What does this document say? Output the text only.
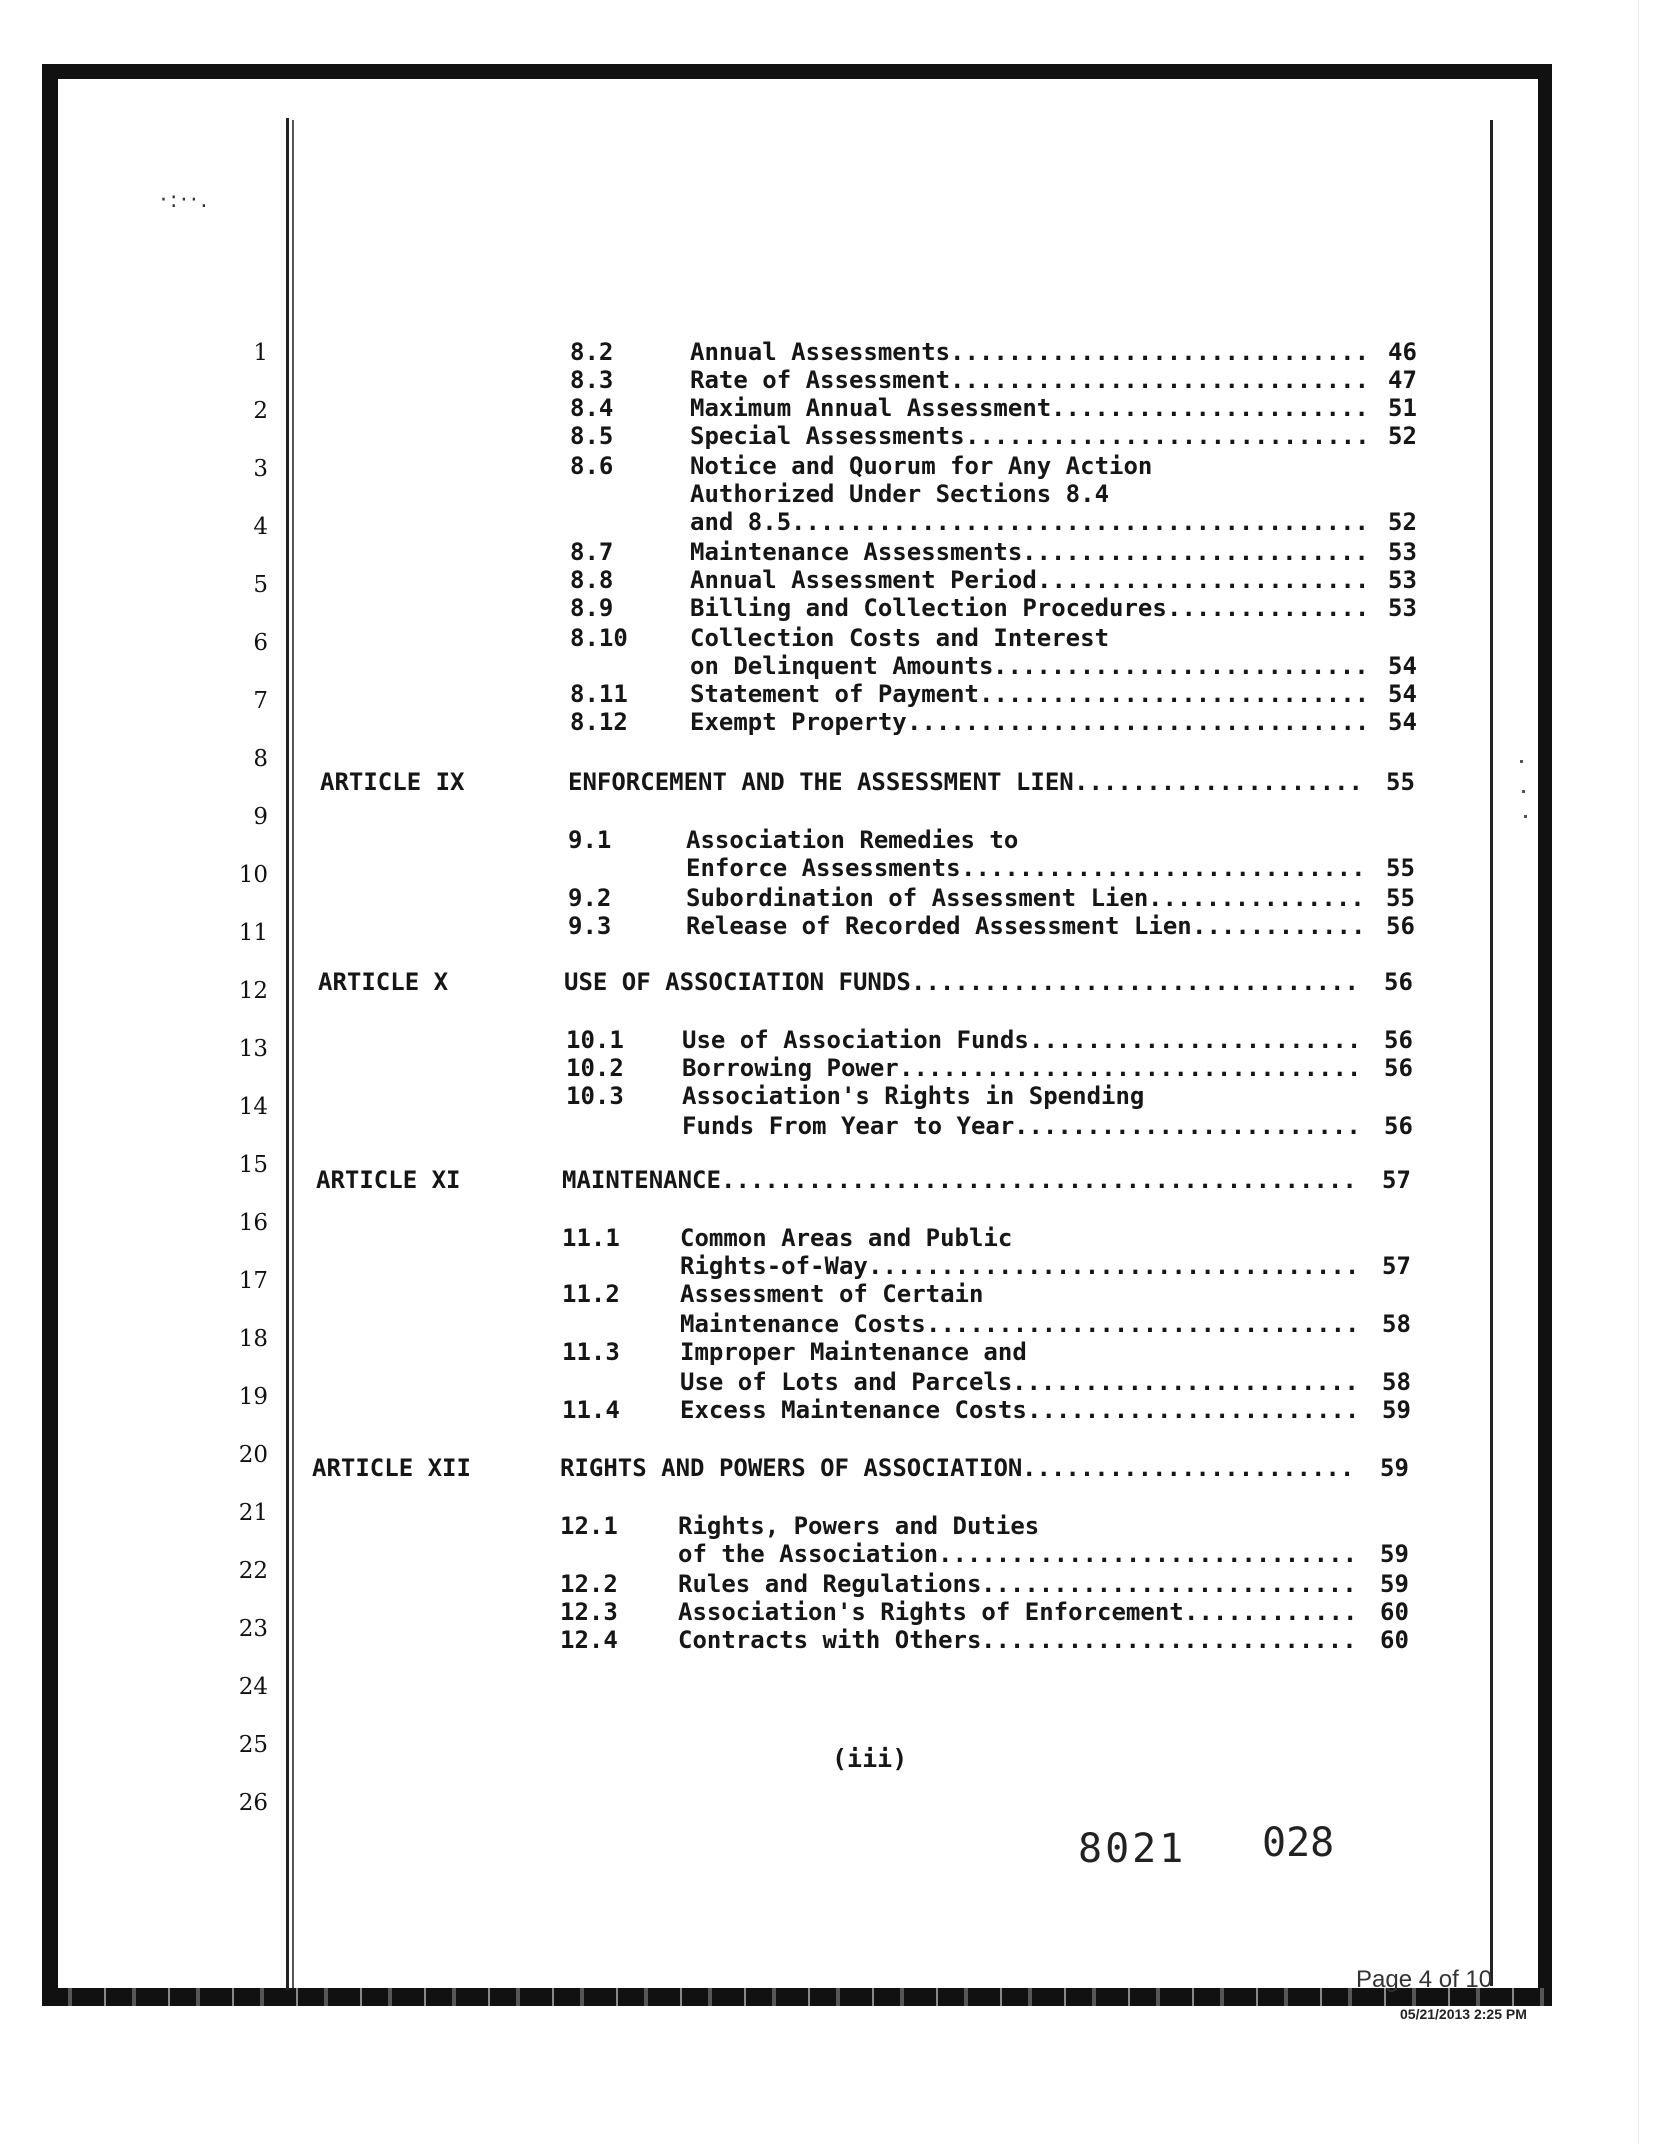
·:··.
1
2
3
4
5
6
7
8
9
10
11
12
13
14
15
16
17
18
19
20
21
22
23
24
25
26
8.2	Annual Assessments	46
.............................
8.3	Rate of Assessment	47
.............................
8.4	Maximum Annual Assessment	51
......................
8.5	Special Assessments	52
............................
8.6	Notice and Quorum for Any Action
Authorized Under Sections 8.4
and 8.5	52
........................................
8.7	Maintenance Assessments	53
........................
8.8	Annual Assessment Period	53
.......................
8.9	Billing and Collection Procedures	53
..............
8.10	Collection Costs and Interest
on Delinquent Amounts	54
..........................
8.11	Statement of Payment	54
...........................
8.12	Exempt Property	54
................................
ARTICLE IX	ENFORCEMENT AND THE ASSESSMENT LIEN	55
....................
9.1	Association Remedies to
Enforce Assessments	55
............................
9.2	Subordination of Assessment Lien	55
...............
9.3	Release of Recorded Assessment Lien	56
............
ARTICLE X	USE OF ASSOCIATION FUNDS	56
...............................
10.1 Use of Association Funds	56
.......................
10.2 Borrowing Power	56
................................
10.3 Association's Rights in Spending
Funds From Year to Year	56
........................
ARTICLE XI	MAINTENANCE	57
............................................
11.1	Common Areas and Public
Rights-of-Way	57
..................................
11.2	Assessment of Certain
Maintenance Costs	58
..............................
11.3	Improper Maintenance and
Use of Lots and Parcels	58
........................
11.4	Excess Maintenance Costs	59
.......................
ARTICLE XII	RIGHTS AND POWERS OF ASSOCIATION	59
.......................
12.1	Rights, Powers and Duties
of the Association	59
.............................
12.2	Rules and Regulations	59
..........................
12.3	Association's Rights of Enforcement	60
............
12.4	Contracts with Others	60
..........................
(iii)
8021 028
Page 4 of 10
05/21/2013 2:25 PM
